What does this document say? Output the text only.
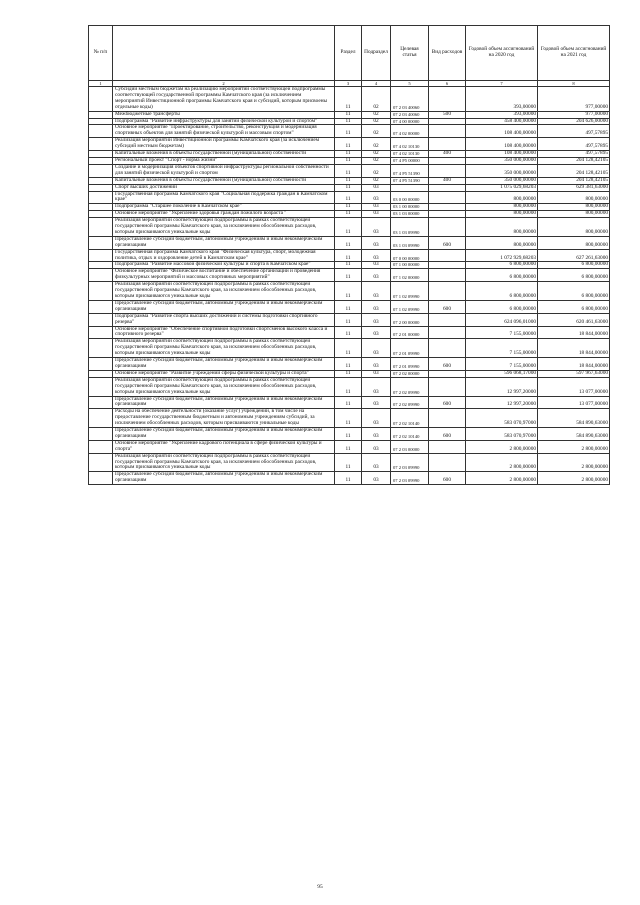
№ п/п		Раздел	Подраздел	Целевая статья	Вид расходов	Годовой объем ассигнований на 2020 год	Годовой объем ассигнований на 2021 год
1	2	3	4	5	6	7	8
	Субсидии местным бюджетам на реализацию мероприятий соответствующей подпрограммы соответствующей государственной программы Камчатского края (за исключением мероприятий Инвестиционной программы Камчатского края и субсидий, которым присвоены отдельные коды)	11	02	07 2 03 40060		393,00000	977,00000
	Межбюджетные трансферты	11	02	07 2 03 40060	500	393,00000	977,00000
	Подпрограмма "Развитие инфраструктуры для занятий физической культурой и спортом"	11	02	07 4 00 00000		458 400,00000	204 626,00000
	Основное мероприятие "Проектирование, строительство, реконструкция и модернизация спортивных объектов для занятий физической культурой и массовым спортом"	11	02	07 4 02 00000		108 400,00000	497,57895
	Реализация мероприятий Инвестиционной программы Камчатского края (за исключением субсидий местным бюджетам)	11	02	07 4 02 10130		108 400,00000	497,57895
	Капитальные вложения в объекты государственной (муниципальной) собственности	11	02	07 4 02 10130	400	108 400,00000	497,57895
	Региональный проект "Спорт - норма жизни"	11	02	07 4 P5 00000		350 000,00000	204 128,42105
	Создание и модернизация объектов спортивной инфраструктуры региональной собственности для занятий физической культурой и спортом	11	02	07 4 P5 51390		350 000,00000	204 128,42105
	Капитальные вложения в объекты государственной (муниципальной) собственности	11	02	07 4 P5 51390	400	350 000,00000	204 128,42105
	Спорт высших достижений	11	03			1 075 029,68203	629 381,63000
	Государственная программа Камчатского края "Социальная поддержка граждан в Камчатском крае"	11	03	03 0 00 00000		800,00000	800,00000
	Подпрограмма "Старшее поколение в Камчатском крае"	11	03	03 1 00 00000		800,00000	800,00000
	Основное мероприятие "Укрепление здоровья граждан пожилого возраста "	11	03	03 1 03 00000		800,00000	800,00000
	Реализация мероприятий соответствующей подпрограммы в рамках соответствующей государственной программы Камчатского края, за исключением обособленных расходов, которым присваиваются уникальные коды	11	03	03 1 03 09990		800,00000	800,00000
	Предоставление субсидий бюджетным, автономным учреждениям и иным некоммерческим организациям	11	03	03 1 03 09990	600	800,00000	800,00000
	Государственная программа Камчатского края "Физическая культура, спорт, молодежная политика, отдых и оздоровление детей в Камчатском крае"	11	03	07 0 00 00000		1 072 929,68203	627 261,63000
	Подпрограмма "Развитие массовой физической культуры и спорта в Камчатском крае"	11	03	07 1 00 00000		6 800,00000	6 800,00000
	Основное мероприятие "Физическое воспитание и обеспечение организации и проведения физкультурных мероприятий и массовых спортивных мероприятий"	11	03	07 1 02 00000		6 800,00000	6 800,00000
	Реализация мероприятий соответствующей подпрограммы в рамках соответствующей государственной программы Камчатского края, за исключением обособленных расходов, которым присваиваются уникальные коды	11	03	07 1 02 09990		6 800,00000	6 800,00000
	Предоставление субсидий бюджетным, автономным учреждениям и иным некоммерческим организациям	11	03	07 1 02 09990	600	6 800,00000	6 800,00000
	Подпрограмма "Развитие спорта высших достижений и системы подготовки спортивного резерва"	11	03	07 2 00 00000		624 096,01000	620 461,63000
	Основное мероприятие "Обеспечение спортивной подготовки спортсменов высокого класса и спортивного резерва"	11	03	07 2 01 00000		7 155,00000	18 844,00000
	Реализация мероприятий соответствующей подпрограммы в рамках соответствующей государственной программы Камчатского края, за исключением обособленных расходов, которым присваиваются уникальные коды	11	03	07 2 01 09990		7 155,00000	18 844,00000
	Предоставление субсидий бюджетным, автономным учреждениям и иным некоммерческим организациям	11	03	07 2 01 09990	600	7 155,00000	18 844,00000
	Основное мероприятие "Развитие учреждений сферы физической культуры и спорта"	11	03	07 2 02 00000		596 068,17000	597 967,63000
	Реализация мероприятий соответствующей подпрограммы в рамках соответствующей государственной программы Камчатского края, за исключением обособленных расходов, которым присваиваются уникальные коды	11	03	07 2 02 09990		12 997,20000	13 077,00000
	Предоставление субсидий бюджетным, автономным учреждениям и иным некоммерческим организациям	11	03	07 2 02 09990	600	12 997,20000	13 077,00000
	Расходы на обеспечение деятельности (оказание услуг) учреждений, в том числе на предоставление государственным бюджетным и автономным учреждениям субсидий, за исключением обособленных расходов, которым присваиваются уникальные коды	11	03	07 2 02 10140		583 070,97000	584 890,63000
	Предоставление субсидий бюджетным, автономным учреждениям и иным некоммерческим организациям	11	03	07 2 02 10140	600	583 070,97000	584 890,63000
	Основное мероприятие "Укрепление кадрового потенциала в сфере физической культуры и спорта"	11	03	07 2 03 00000		2 800,00000	2 800,00000
	Реализация мероприятий соответствующей подпрограммы в рамках соответствующей государственной программы Камчатского края, за исключением обособленных расходов, которым присваиваются уникальные коды	11	03	07 2 03 09990		2 800,00000	2 800,00000
	Предоставление субсидий бюджетным, автономным учреждениям и иным некоммерческим организациям	11	03	07 2 03 09990	600	2 800,00000	2 800,00000
95
